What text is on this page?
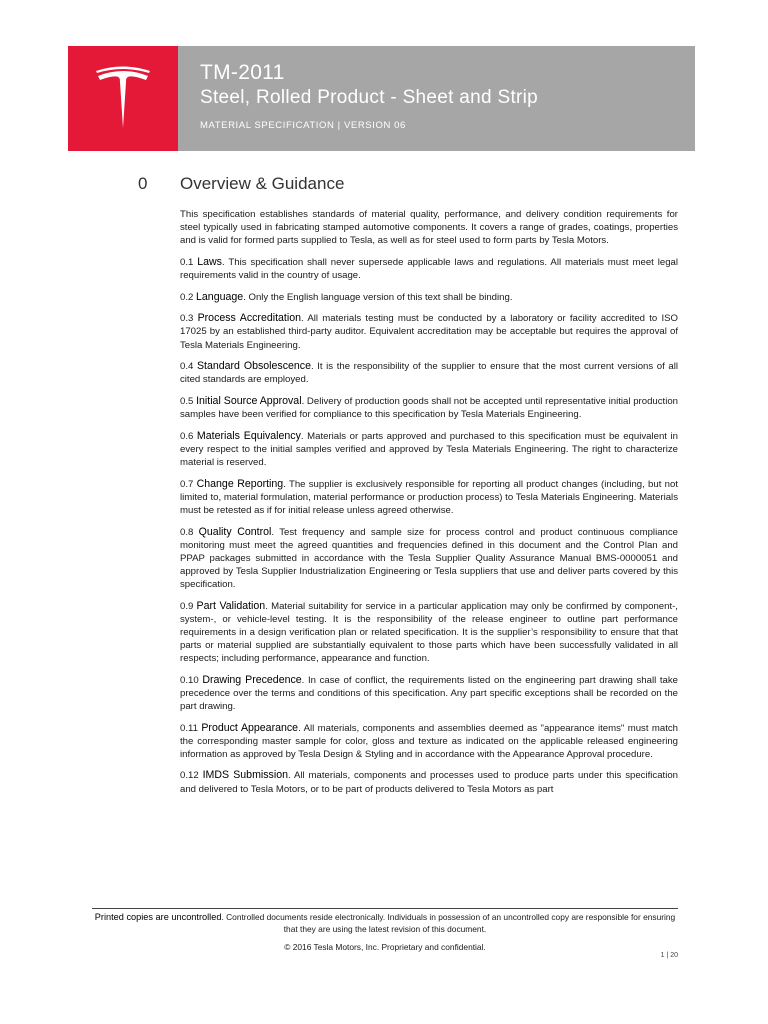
TM-2011
Steel, Rolled Product - Sheet and Strip
MATERIAL SPECIFICATION | VERSION 06
0 Overview & Guidance

This specification establishes standards of material quality, performance, and delivery condition requirements for steel typically used in fabricating stamped automotive components. It covers a range of grades, coatings, properties and is valid for formed parts supplied to Tesla, as well as for steel used to form parts by Tesla Motors.

0.1 Laws. This specification shall never supersede applicable laws and regulations. All materials must meet legal requirements valid in the country of usage.

0.2 Language. Only the English language version of this text shall be binding.

0.3 Process Accreditation. All materials testing must be conducted by a laboratory or facility accredited to ISO 17025 by an established third-party auditor. Equivalent accreditation may be acceptable but requires the approval of Tesla Materials Engineering.

0.4 Standard Obsolescence. It is the responsibility of the supplier to ensure that the most current versions of all cited standards are employed.

0.5 Initial Source Approval. Delivery of production goods shall not be accepted until representative initial production samples have been verified for compliance to this specification by Tesla Materials Engineering.

0.6 Materials Equivalency. Materials or parts approved and purchased to this specification must be equivalent in every respect to the initial samples verified and approved by Tesla Materials Engineering. The right to characterize material is reserved.

0.7 Change Reporting. The supplier is exclusively responsible for reporting all product changes (including, but not limited to, material formulation, material performance or production process) to Tesla Materials Engineering. Materials must be retested as if for initial release unless agreed otherwise.

0.8 Quality Control. Test frequency and sample size for process control and product continuous compliance monitoring must meet the agreed quantities and frequencies defined in this document and the Control Plan and PPAP packages submitted in accordance with the Tesla Supplier Quality Assurance Manual BMS-0000051 and approved by Tesla Supplier Industrialization Engineering or Tesla suppliers that use and deliver parts covered by this specification.

0.9 Part Validation. Material suitability for service in a particular application may only be confirmed by component-, system-, or vehicle-level testing. It is the responsibility of the release engineer to outline part performance requirements in a design verification plan or related specification. It is the supplier’s responsibility to ensure that that parts or material supplied are substantially equivalent to those parts which have been successfully validated in all respects; including performance, appearance and function.

0.10 Drawing Precedence. In case of conflict, the requirements listed on the engineering part drawing shall take precedence over the terms and conditions of this specification. Any part specific exceptions shall be recorded on the part drawing.

0.11 Product Appearance. All materials, components and assemblies deemed as "appearance items" must match the corresponding master sample for color, gloss and texture as indicated on the applicable released engineering information as approved by Tesla Design & Styling and in accordance with the Appearance Approval procedure.

0.12 IMDS Submission. All materials, components and processes used to produce parts under this specification and delivered to Tesla Motors, or to be part of products delivered to Tesla Motors as part

Printed copies are uncontrolled. Controlled documents reside electronically. Individuals in possession of an uncontrolled copy are responsible for ensuring that they are using the latest revision of this document.
© 2016 Tesla Motors, Inc. Proprietary and confidential.
1 | 20
